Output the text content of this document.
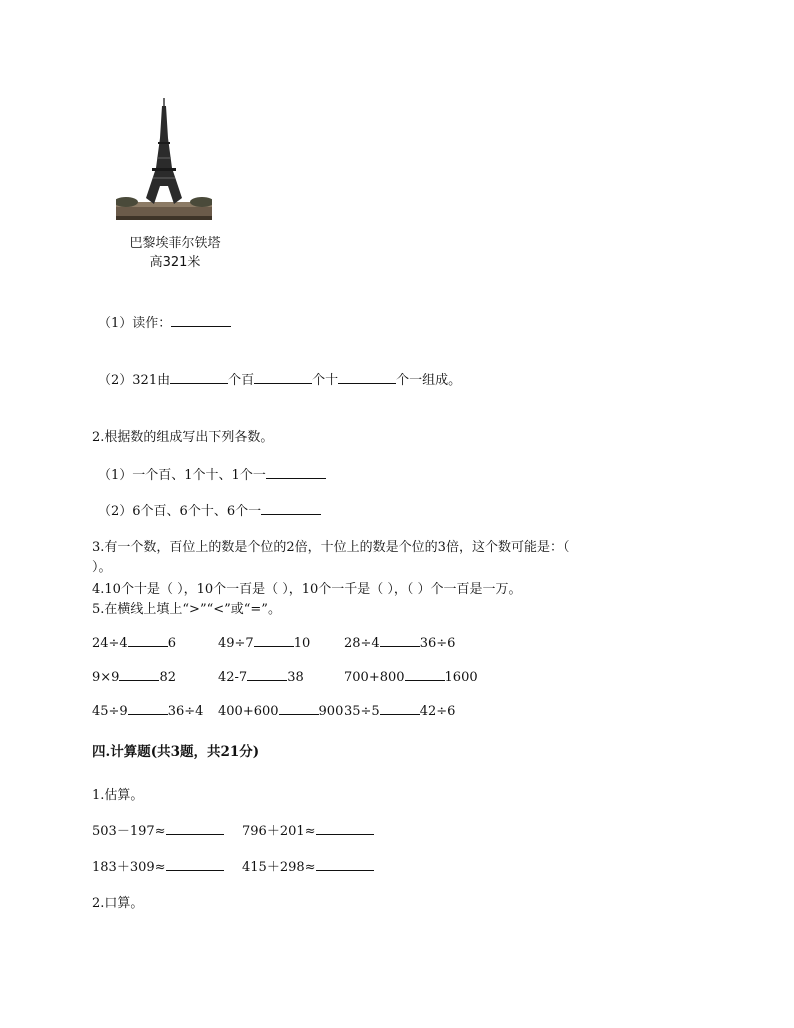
巴黎埃菲尔铁塔
高321米
（1）读作：
（2）321由	个百	个十	个一组成。
2.根据数的组成写出下列各数。
（1）一个百、1个十、1个一
（2）6个百、6个十、6个一
3.有一个数，百位上的数是个位的2倍，十位上的数是个位的3倍，这个数可能是：（
）。
4.10个十是（ ），10个一百是（ ），10个一千是（ ），（ ）个一百是一万。
5.在横线上填上“>”“<”或“=”。
24÷4	6	49÷7	10	28÷4	36÷6
9×9	82	42-7	38	700+800	1600
45÷9	36÷4 400+600	90035÷5	42÷6
四.计算题(共3题，共21分)
1.估算。
503－197≈	796＋201≈
183＋309≈	415＋298≈
2.口算。
